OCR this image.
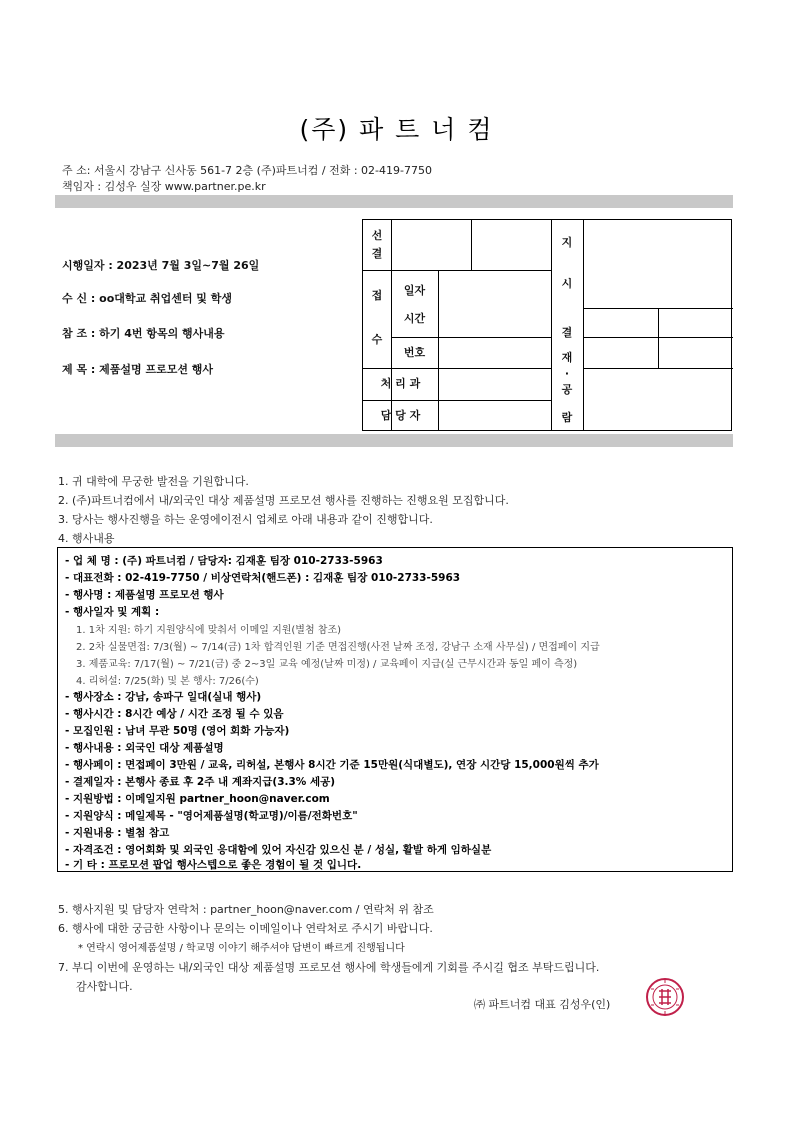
(주) 파 트 너 컴
주 소: 서울시 강남구 신사동 561-7 2층 (주)파트너컴 / 전화 : 02-419-7750
책임자 : 김성우 실장 www.partner.pe.kr
시행일자 : 2023년 7월 3일~7월 26일
수 신 : oo대학교 취업센터 및 학생
참 조 : 하기 4번 항목의 행사내용
제 목 : 제품설명 프로모션 행사
선
결
접
수
일자
시간
번호
처 리 과
담 당 자
지
시
결
재
·
공
람
1. 귀 대학에 무궁한 발전을 기원합니다.
2. (주)파트너컴에서 내/외국인 대상 제품설명 프로모션 행사를 진행하는 진행요원 모집합니다.
3. 당사는 행사진행을 하는 운영에이전시 업체로 아래 내용과 같이 진행합니다.
4. 행사내용
- 업 체 명 : (주) 파트너컴 / 담당자: 김재훈 팀장 010-2733-5963
- 대표전화 : 02-419-7750 / 비상연락처(핸드폰) : 김재훈 팀장 010-2733-5963
- 행사명 : 제품설명 프로모션 행사
- 행사일자 및 계획 :
1. 1차 지원: 하기 지원양식에 맞춰서 이메일 지원(별첨 참조)
2. 2차 실물면접: 7/3(월) ~ 7/14(금) 1차 합격인원 기준 면접진행(사전 날짜 조정, 강남구 소재 사무실) / 면접페이 지급
3. 제품교육: 7/17(월) ~ 7/21(금) 중 2~3일 교육 예정(날짜 미정) / 교육페이 지급(실 근무시간과 동일 페이 측정)
4. 리허설: 7/25(화) 및 본 행사: 7/26(수)
- 행사장소 : 강남, 송파구 일대(실내 행사)
- 행사시간 : 8시간 예상 / 시간 조정 될 수 있음
- 모집인원 : 남녀 무관 50명 (영어 회화 가능자)
- 행사내용 : 외국인 대상 제품설명
- 행사페이 : 면접페이 3만원 / 교육, 리허설, 본행사 8시간 기준 15만원(식대별도), 연장 시간당 15,000원씩 추가
- 결제일자 : 본행사 종료 후 2주 내 계좌지급(3.3% 세공)
- 지원방법 : 이메일지원 partner_hoon@naver.com
- 지원양식 : 메일제목 - "영어제품설명(학교명)/이름/전화번호"
- 지원내용 : 별첨 참고
- 자격조건 : 영어회화 및 외국인 응대함에 있어 자신감 있으신 분 / 성실, 활발 하게 임하실분
- 기 타 : 프로모션 팝업 행사스텝으로 좋은 경험이 될 것 입니다.
5. 행사지원 및 담당자 연락처 : partner_hoon@naver.com / 연락처 위 참조
6. 행사에 대한 궁금한 사항이나 문의는 이메일이나 연락처로 주시기 바랍니다.
* 연락시 영어제품설명 / 학교명 이야기 해주셔야 답변이 빠르게 진행됩니다
7. 부디 이번에 운영하는 내/외국인 대상 제품설명 프로모션 행사에 학생들에게 기회를 주시길 협조 부탁드립니다.
감사합니다.
㈜ 파트너컴 대표 김성우(인)
